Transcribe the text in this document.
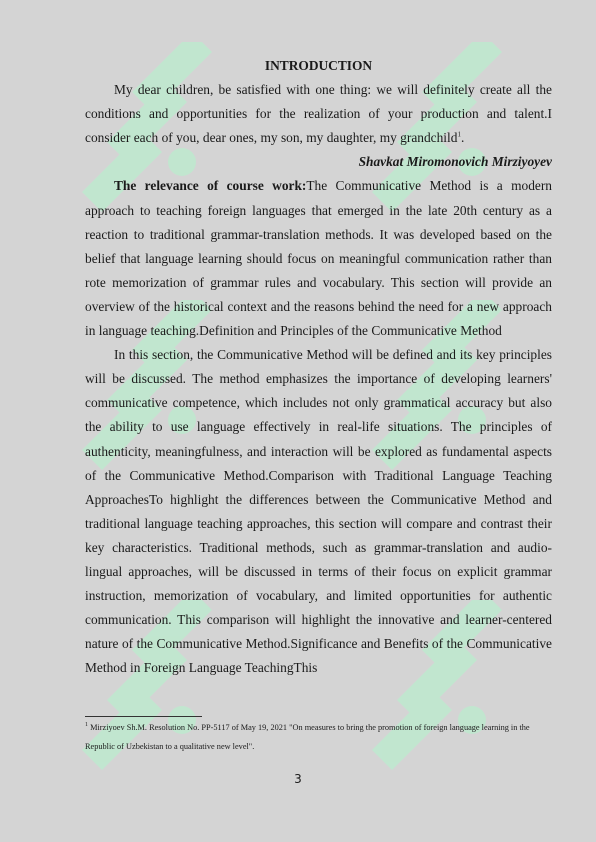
INTRODUCTION

My dear children, be satisfied with one thing: we will definitely create all the conditions and opportunities for the realization of your production and talent.I consider each of you, dear ones, my son, my daughter, my grandchild$^1$.

Shavkat Miromonovich Mirziyoyev

The relevance of course work:The Communicative Method is a modern approach to teaching foreign languages that emerged in the late 20th century as a reaction to traditional grammar-translation methods. It was developed based on the belief that language learning should focus on meaningful communication rather than rote memorization of grammar rules and vocabulary. This section will provide an overview of the historical context and the reasons behind the need for a new approach in language teaching.Definition and Principles of the Communicative Method

In this section, the Communicative Method will be defined and its key principles will be discussed. The method emphasizes the importance of developing learners' communicative competence, which includes not only grammatical accuracy but also the ability to use language effectively in real-life situations. The principles of authenticity, meaningfulness, and interaction will be explored as fundamental aspects of the Communicative Method.Comparison with Traditional Language Teaching ApproachesTo highlight the differences between the Communicative Method and traditional language teaching approaches, this section will compare and contrast their key characteristics. Traditional methods, such as grammar-translation and audio-lingual approaches, will be discussed in terms of their focus on explicit grammar instruction, memorization of vocabulary, and limited opportunities for authentic communication. This comparison will highlight the innovative and learner-centered nature of the Communicative Method.Significance and Benefits of the Communicative Method in Foreign Language TeachingThis

$^1$ Mirziyoev Sh.M. Resolution No. PP-5117 of May 19, 2021 "On measures to bring the promotion of foreign language learning in the Republic of Uzbekistan to a qualitative new level".
3
